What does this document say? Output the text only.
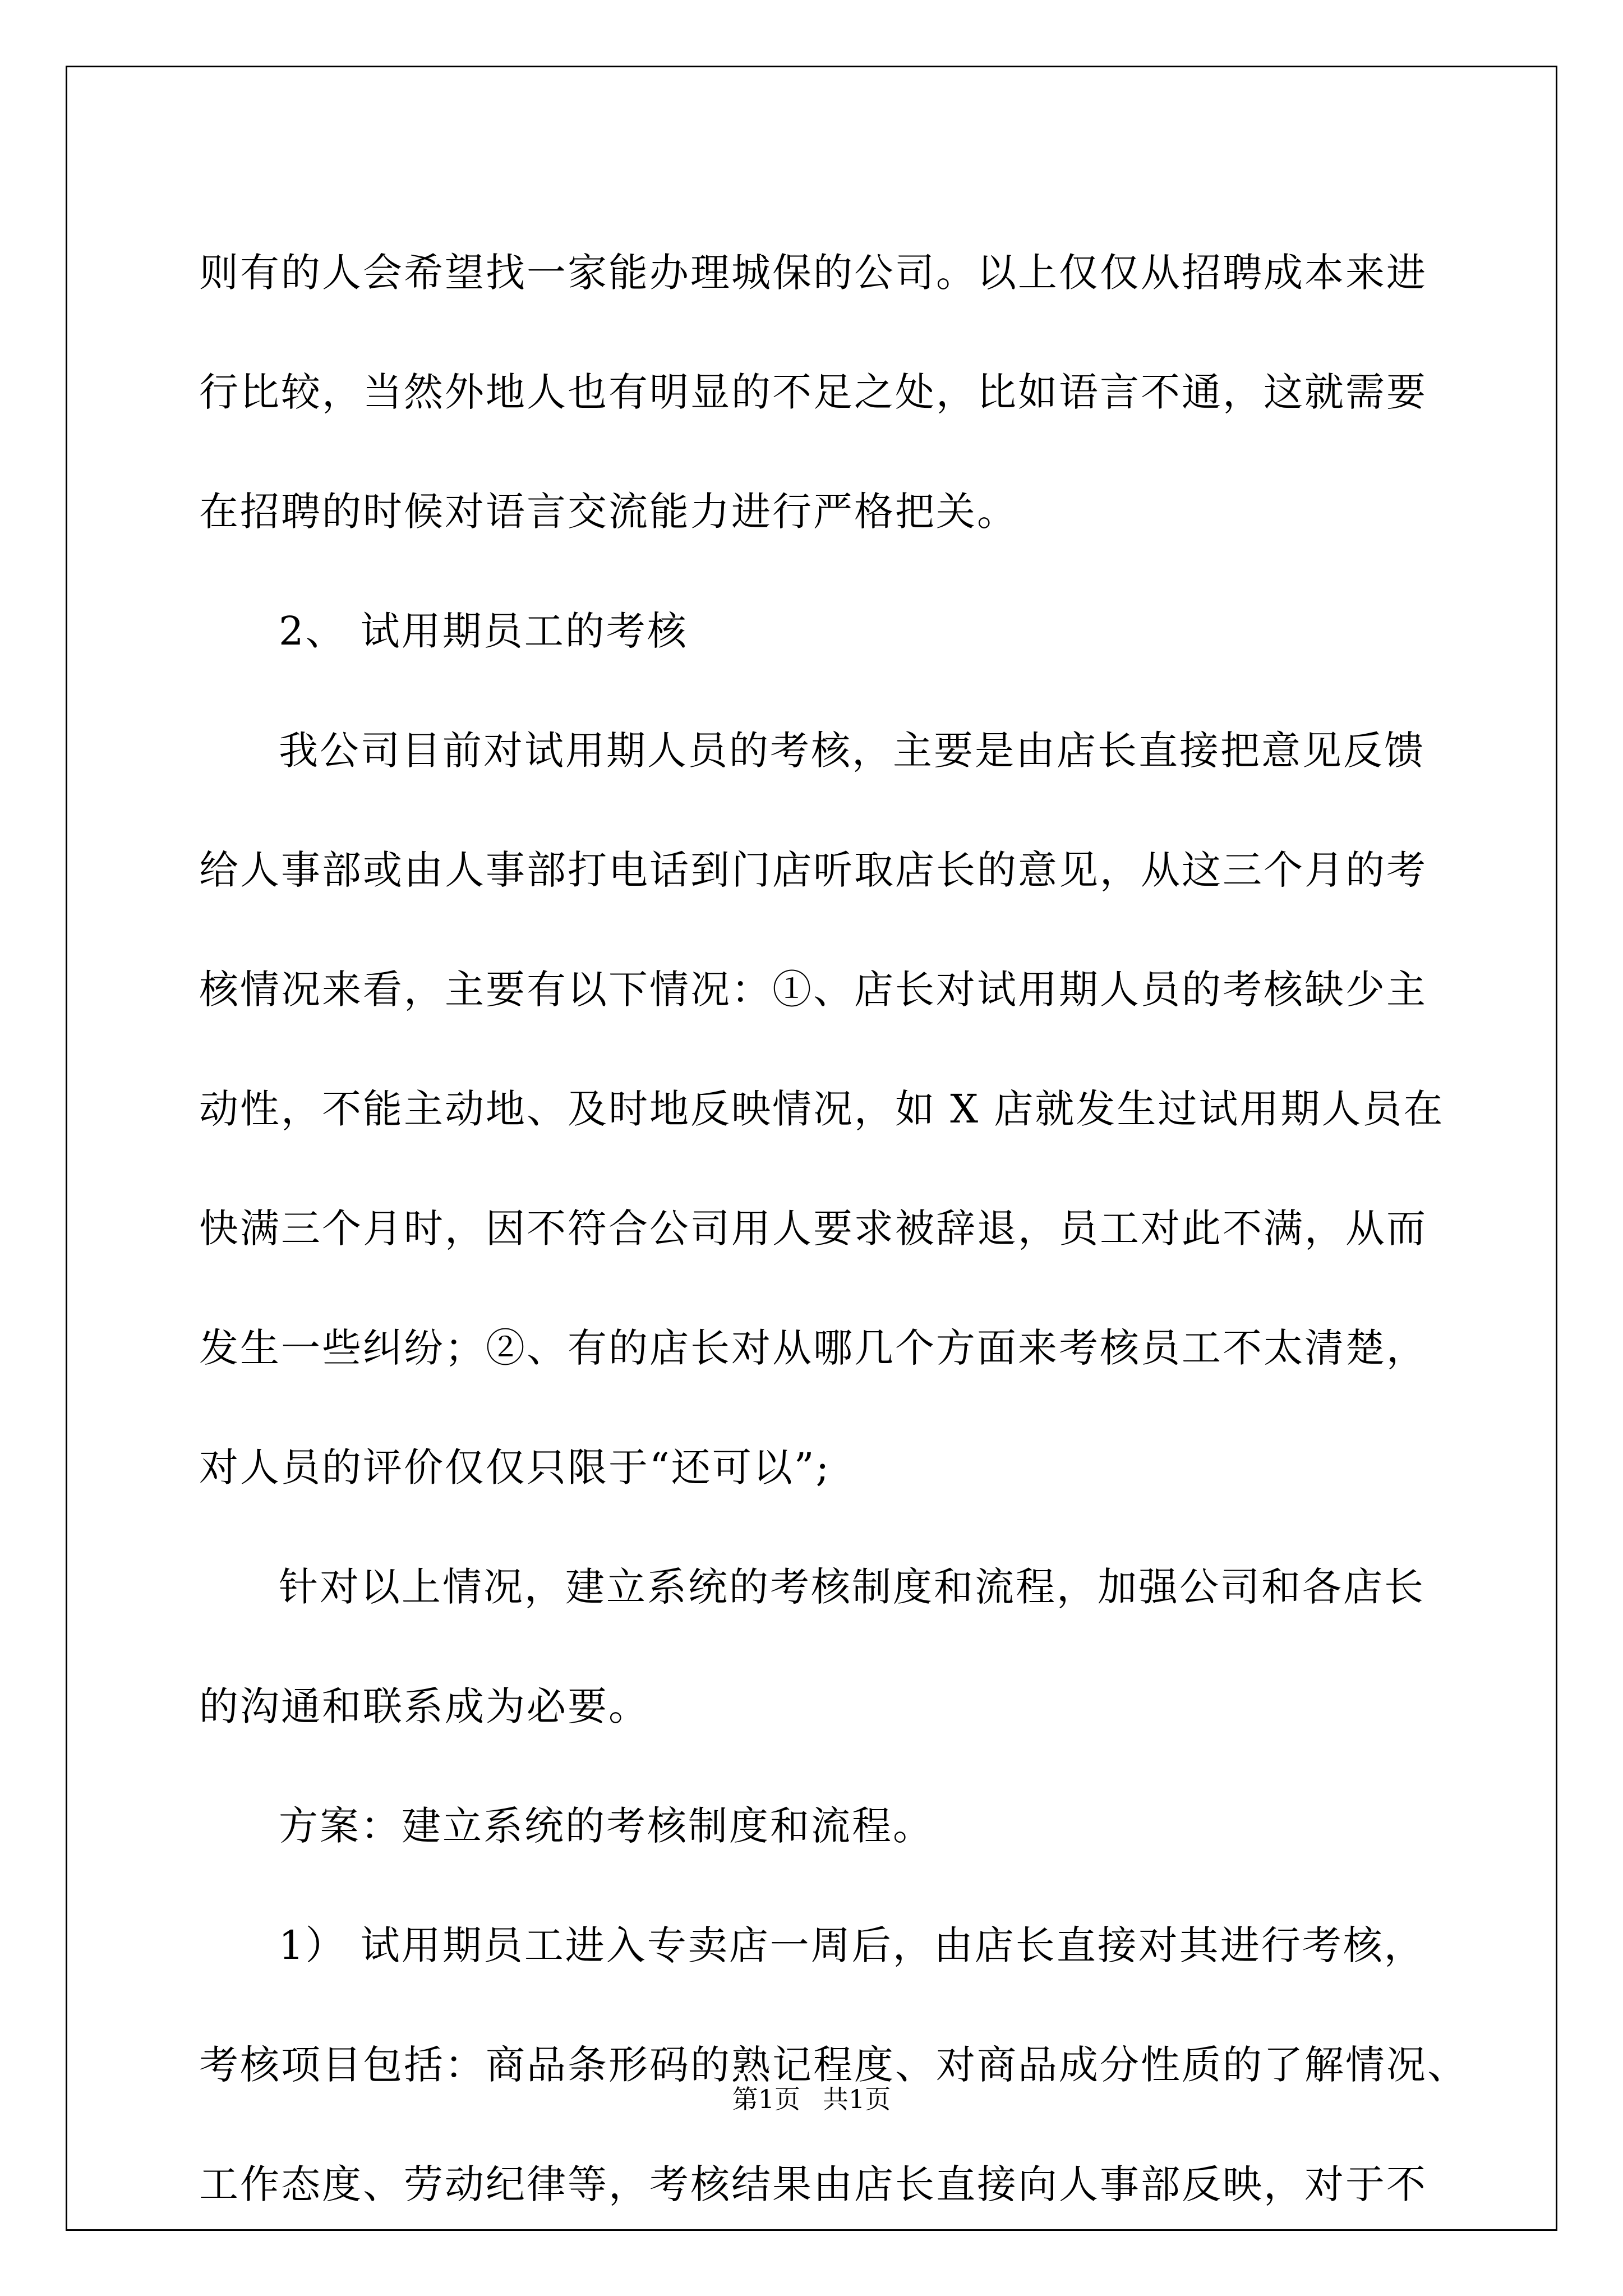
则有的人会希望找一家能办理城保的公司。以上仅仅从招聘成本来进

行比较，当然外地人也有明显的不足之处，比如语言不通，这就需要

在招聘的时候对语言交流能力进行严格把关。

2、 试用期员工的考核

我公司目前对试用期人员的考核，主要是由店长直接把意见反馈

给人事部或由人事部打电话到门店听取店长的意见，从这三个月的考

核情况来看，主要有以下情况：①、店长对试用期人员的考核缺少主

动性，不能主动地、及时地反映情况，如 X 店就发生过试用期人员在

快满三个月时，因不符合公司用人要求被辞退，员工对此不满，从而

发生一些纠纷；②、有的店长对从哪几个方面来考核员工不太清楚，

对人员的评价仅仅只限于“还可以”;

针对以上情况，建立系统的考核制度和流程，加强公司和各店长

的沟通和联系成为必要。

方案：建立系统的考核制度和流程。

1） 试用期员工进入专卖店一周后，由店长直接对其进行考核，

考核项目包括：商品条形码的熟记程度、对商品成分性质的了解情况、

工作态度、劳动纪律等，考核结果由店长直接向人事部反映，对于不

第1页 共1页
